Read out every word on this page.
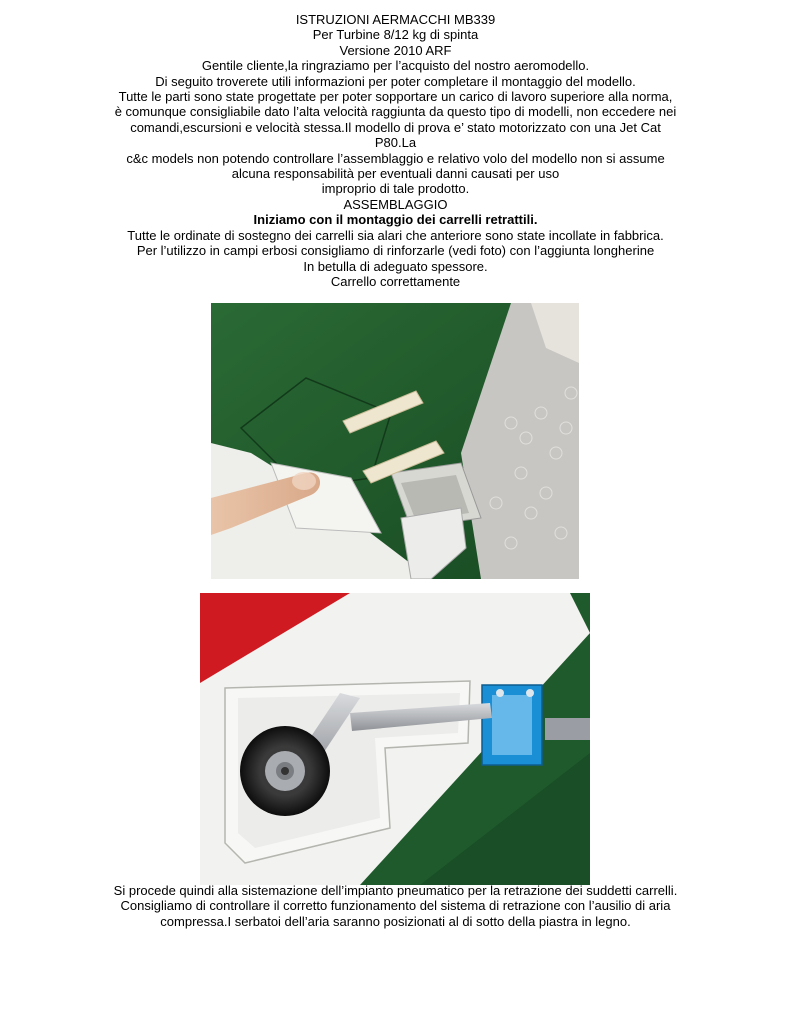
ISTRUZIONI AERMACCHI MB339

Per Turbine 8/12 kg di spinta

Versione 2010 ARF

Gentile cliente,la ringraziamo per l’acquisto del nostro aeromodello.

Di seguito troverete utili informazioni per poter completare il montaggio del modello.

Tutte le parti sono state progettate per poter sopportare un carico di lavoro superiore alla norma,

è comunque consigliabile dato l’alta velocità raggiunta da questo tipo di modelli, non eccedere nei

comandi,escursioni e velocità stessa.Il modello di prova e’ stato motorizzato con una Jet Cat

P80.La

c&c models non potendo controllare l’assemblaggio e relativo volo del modello non si assume

alcuna responsabilità per eventuali danni causati per uso

improprio di tale prodotto.

ASSEMBLAGGIO

Iniziamo con il montaggio dei carrelli retrattili.

Tutte le ordinate di sostegno dei carrelli sia alari che anteriore sono state incollate in fabbrica.

Per l’utilizzo in campi erbosi consigliamo di rinforzarle (vedi foto) con l’aggiunta longherine

In betulla di adeguato spessore.

Carrello correttamente

Si procede quindi alla sistemazione dell’impianto pneumatico per la retrazione dei suddetti carrelli.

Consigliamo di controllare il corretto funzionamento del sistema di retrazione con l’ausilio di aria

compressa.I serbatoi dell’aria saranno posizionati al di sotto della piastra in legno.
